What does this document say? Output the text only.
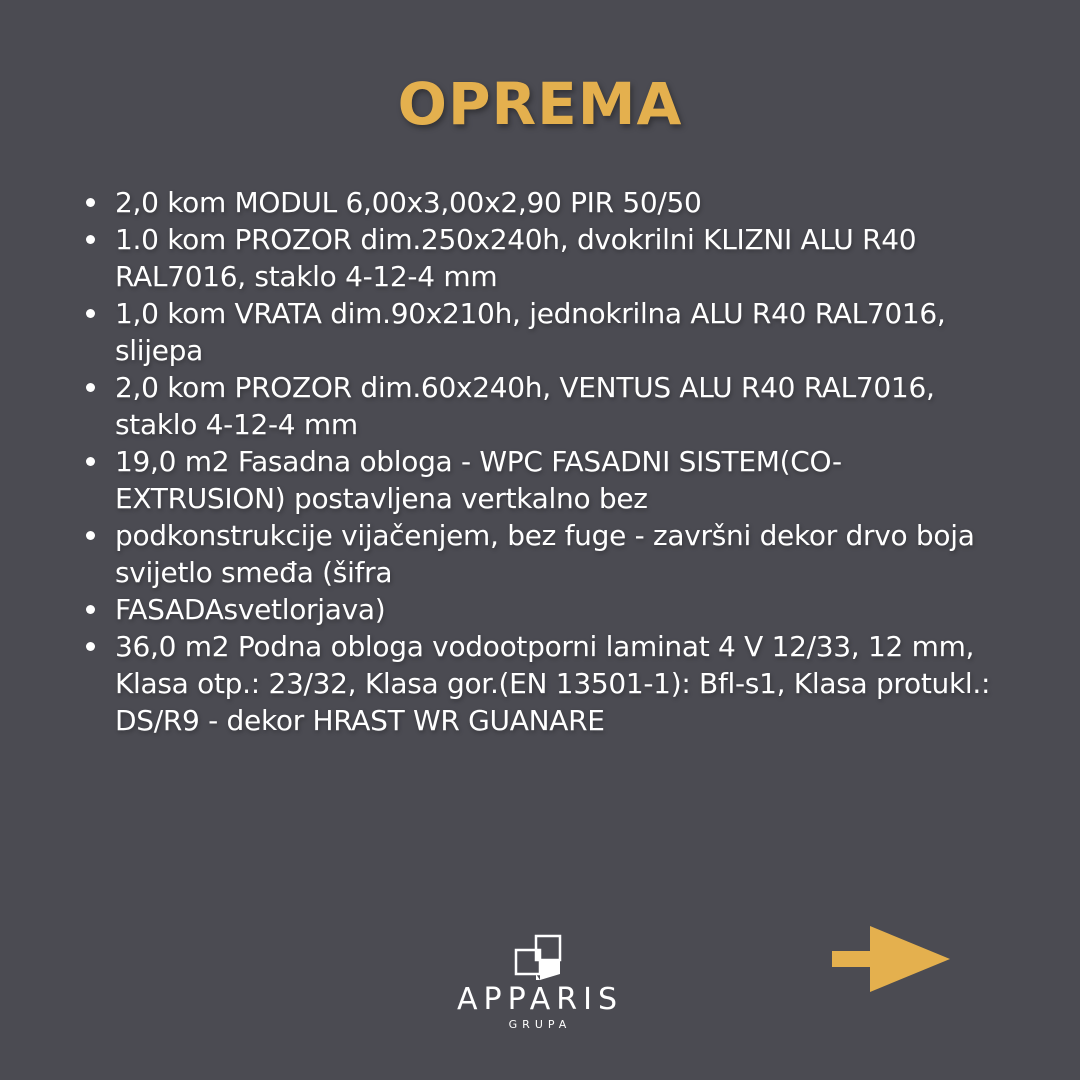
OPREMA
2,0 kom MODUL 6,00x3,00x2,90 PIR 50/50
1.0 kom PROZOR dim.250x240h, dvokrilni KLIZNI ALU R40 RAL7016, staklo 4-12-4 mm
1,0 kom VRATA dim.90x210h, jednokrilna ALU R40 RAL7016, slijepa
2,0 kom PROZOR dim.60x240h, VENTUS ALU R40 RAL7016, staklo 4-12-4 mm
19,0 m2 Fasadna obloga - WPC FASADNI SISTEM(CO-EXTRUSION) postavljena vertkalno bez
podkonstrukcije vijačenjem, bez fuge - završni dekor drvo boja svijetlo smeđa (šifra
FASADAsvetlorjava)
36,0 m2 Podna obloga vodootporni laminat 4 V 12/33, 12 mm, Klasa otp.: 23/32, Klasa gor.(EN 13501-1): Bfl-s1, Klasa protukl.: DS/R9 - dekor HRAST WR GUANARE
APPARIS
GRUPA
